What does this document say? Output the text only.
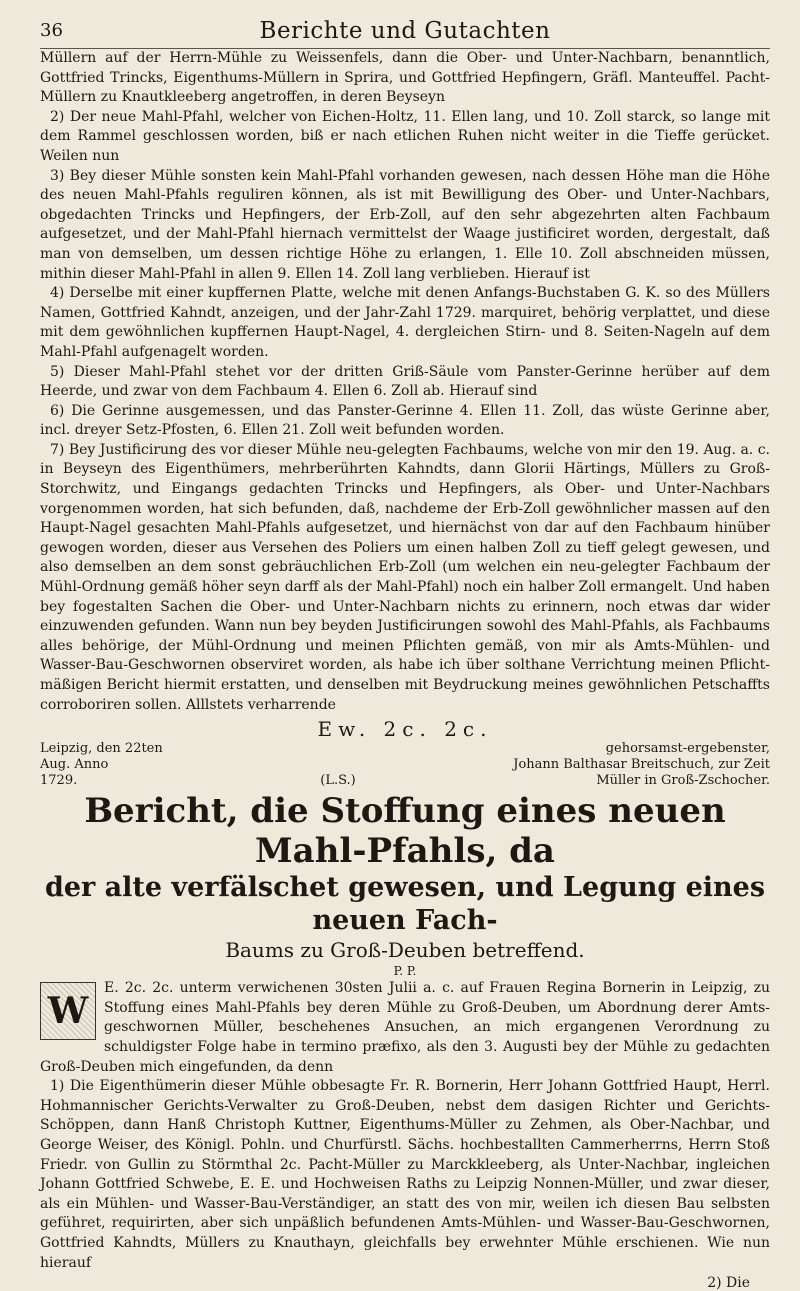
36	Berichte und Gutachten

Müllern auf der Herrn-Mühle zu Weissenfels, dann die Ober- und Unter-Nachbarn, benanntlich, Gottfried Trincks, Eigenthums-Müllern in Sprira, und Gottfried Hepfingern, Gräfl. Manteuffel. Pacht-Müllern zu Knautkleeberg angetroffen, in deren Beyseyn

2) Der neue Mahl-Pfahl, welcher von Eichen-Holtz, 11. Ellen lang, und 10. Zoll starck, so lange mit dem Rammel geschlossen worden, biß er nach etlichen Ruhen nicht weiter in die Tieffe gerücket. Weilen nun

3) Bey dieser Mühle sonsten kein Mahl-Pfahl vorhanden gewesen, nach dessen Höhe man die Höhe des neuen Mahl-Pfahls reguliren können, als ist mit Bewilligung des Ober- und Unter-Nachbars, obgedachten Trincks und Hepfingers, der Erb-Zoll, auf den sehr abgezehrten alten Fachbaum aufgesetzet, und der Mahl-Pfahl hiernach vermittelst der Waage justificiret worden, dergestalt, daß man von demselben, um dessen richtige Höhe zu erlangen, 1. Elle 10. Zoll abschneiden müssen, mithin dieser Mahl-Pfahl in allen 9. Ellen 14. Zoll lang verblieben. Hierauf ist

4) Derselbe mit einer kupffernen Platte, welche mit denen Anfangs-Buchstaben G. K. so des Müllers Namen, Gottfried Kahndt, anzeigen, und der Jahr-Zahl 1729. marquiret, behörig verplattet, und diese mit dem gewöhnlichen kupffernen Haupt-Nagel, 4. dergleichen Stirn- und 8. Seiten-Nageln auf dem Mahl-Pfahl aufgenagelt worden.

5) Dieser Mahl-Pfahl stehet vor der dritten Griß-Säule vom Panster-Gerinne herüber auf dem Heerde, und zwar von dem Fachbaum 4. Ellen 6. Zoll ab. Hierauf sind

6) Die Gerinne ausgemessen, und das Panster-Gerinne 4. Ellen 11. Zoll, das wüste Gerinne aber, incl. dreyer Setz-Pfosten, 6. Ellen 21. Zoll weit befunden worden.

7) Bey Justificirung des vor dieser Mühle neu-gelegten Fachbaums, welche von mir den 19. Aug. a. c. in Beyseyn des Eigenthümers, mehrberührten Kahndts, dann Glorii Härtings, Müllers zu Groß-Storchwitz, und Eingangs gedachten Trincks und Hepfingers, als Ober- und Unter-Nachbars vorgenommen worden, hat sich befunden, daß, nachdeme der Erb-Zoll gewöhnlicher massen auf den Haupt-Nagel gesachten Mahl-Pfahls aufgesetzet, und hiernächst von dar auf den Fachbaum hinüber gewogen worden, dieser aus Versehen des Poliers um einen halben Zoll zu tieff gelegt gewesen, und also demselben an dem sonst gebräuchlichen Erb-Zoll (um welchen ein neu-gelegter Fachbaum der Mühl-Ordnung gemäß höher seyn darff als der Mahl-Pfahl) noch ein halber Zoll ermangelt. Und haben bey fogestalten Sachen die Ober- und Unter-Nachbarn nichts zu erinnern, noch etwas dar wider einzuwenden gefunden. Wann nun bey beyden Justificirungen sowohl des Mahl-Pfahls, als Fachbaums alles behörige, der Mühl-Ordnung und meinen Pflichten gemäß, von mir als Amts-Mühlen- und Wasser-Bau-Geschwornen observiret worden, als habe ich über solthane Verrichtung meinen Pflicht-mäßigen Bericht hiermit erstatten, und denselben mit Beydruckung meines gewöhnlichen Petschaffts corroboriren sollen. Alllstets verharrende

Ew. 2c. 2c.
Leipzig, den 22ten
Aug. Anno
1729.	(L.S.)
gehorsamst-ergebenster,
Johann Balthasar Breitschuch, zur Zeit
Müller in Groß-Zschocher.
Bericht, die Stoffung eines neuen Mahl-Pfahls, da
der alte verfälschet gewesen, und Legung eines neuen Fach-
Baums zu Groß-Deuben betreffend.

P. P.

W

E. 2c. 2c. unterm verwichenen 30sten Julii a. c. auf Frauen Regina Bornerin in Leipzig, zu Stoffung eines Mahl-Pfahls bey deren Mühle zu Groß-Deuben, um Abordnung derer Amts-geschwornen Müller, beschehenes Ansuchen, an mich ergangenen Verordnung zu schuldigster Folge habe in termino præfixo, als den 3. Augusti bey der Mühle zu gedachten Groß-Deuben mich eingefunden, da denn

1) Die Eigenthümerin dieser Mühle obbesagte Fr. R. Bornerin, Herr Johann Gottfried Haupt, Herrl. Hohmannischer Gerichts-Verwalter zu Groß-Deuben, nebst dem dasigen Richter und Gerichts-Schöppen, dann Hanß Christoph Kuttner, Eigenthums-Müller zu Zehmen, als Ober-Nachbar, und George Weiser, des Königl. Pohln. und Churfürstl. Sächs. hochbestallten Cammerherrns, Herrn Stoß Friedr. von Gullin zu Störmthal 2c. Pacht-Müller zu Marckkleeberg, als Unter-Nachbar, ingleichen Johann Gottfried Schwebe, E. E. und Hochweisen Raths zu Leipzig Nonnen-Müller, und zwar dieser, als ein Mühlen- und Wasser-Bau-Verständiger, an statt des von mir, weilen ich diesen Bau selbsten geführet, requirirten, aber sich unpäßlich befundenen Amts-Mühlen- und Wasser-Bau-Geschwornen, Gottfried Kahndts, Müllers zu Knauthayn, gleichfalls bey erwehnter Mühle erschienen. Wie nun hierauf

2) Die
